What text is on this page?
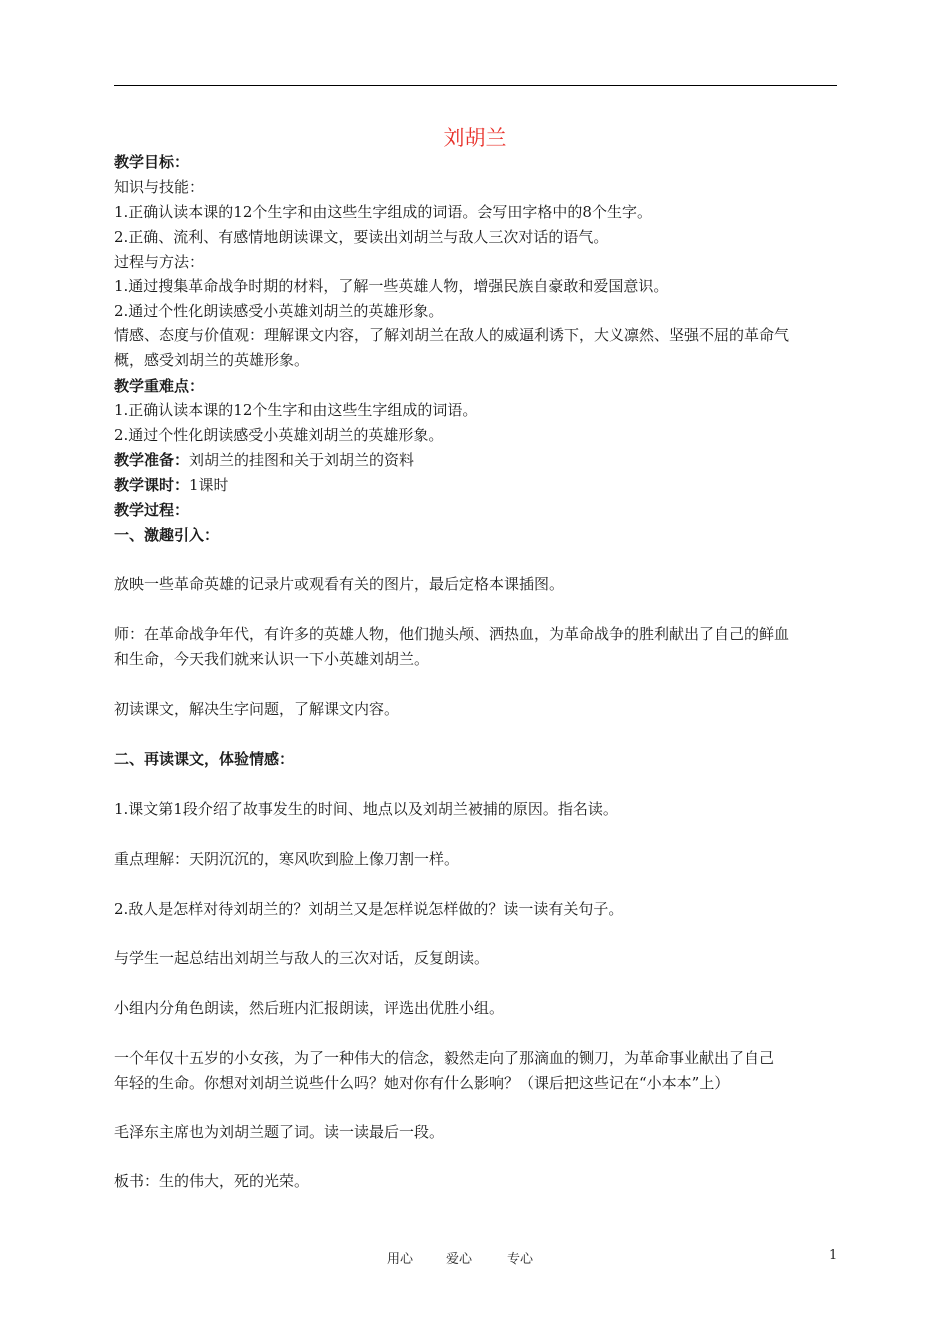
刘胡兰
教学目标：
知识与技能：
1.正确认读本课的12个生字和由这些生字组成的词语。会写田字格中的8个生字。
2.正确、流利、有感情地朗读课文，要读出刘胡兰与敌人三次对话的语气。
过程与方法：
1.通过搜集革命战争时期的材料，了解一些英雄人物，增强民族自豪敢和爱国意识。
2.通过个性化朗读感受小英雄刘胡兰的英雄形象。
情感、态度与价值观：理解课文内容，了解刘胡兰在敌人的威逼利诱下，大义凛然、坚强不屈的革命气
概，感受刘胡兰的英雄形象。
教学重难点：
1.正确认读本课的12个生字和由这些生字组成的词语。
2.通过个性化朗读感受小英雄刘胡兰的英雄形象。
教学准备：刘胡兰的挂图和关于刘胡兰的资料
教学课时：1课时
教学过程：
一、激趣引入：
放映一些革命英雄的记录片或观看有关的图片，最后定格本课插图。
师：在革命战争年代，有许多的英雄人物，他们抛头颅、洒热血，为革命战争的胜利献出了自己的鲜血
和生命，今天我们就来认识一下小英雄刘胡兰。
初读课文，解决生字问题，了解课文内容。
二、再读课文，体验情感：
1.课文第1段介绍了故事发生的时间、地点以及刘胡兰被捕的原因。指名读。
重点理解：天阴沉沉的，寒风吹到脸上像刀割一样。
2.敌人是怎样对待刘胡兰的？刘胡兰又是怎样说怎样做的？读一读有关句子。
与学生一起总结出刘胡兰与敌人的三次对话，反复朗读。
小组内分角色朗读，然后班内汇报朗读，评选出优胜小组。
一个年仅十五岁的小女孩，为了一种伟大的信念，毅然走向了那滴血的铡刀，为革命事业献出了自己
年轻的生命。你想对刘胡兰说些什么吗？她对你有什么影响？（课后把这些记在“小本本”上）
毛泽东主席也为刘胡兰题了词。读一读最后一段。
板书：生的伟大，死的光荣。
用心	爱心	专心	1
